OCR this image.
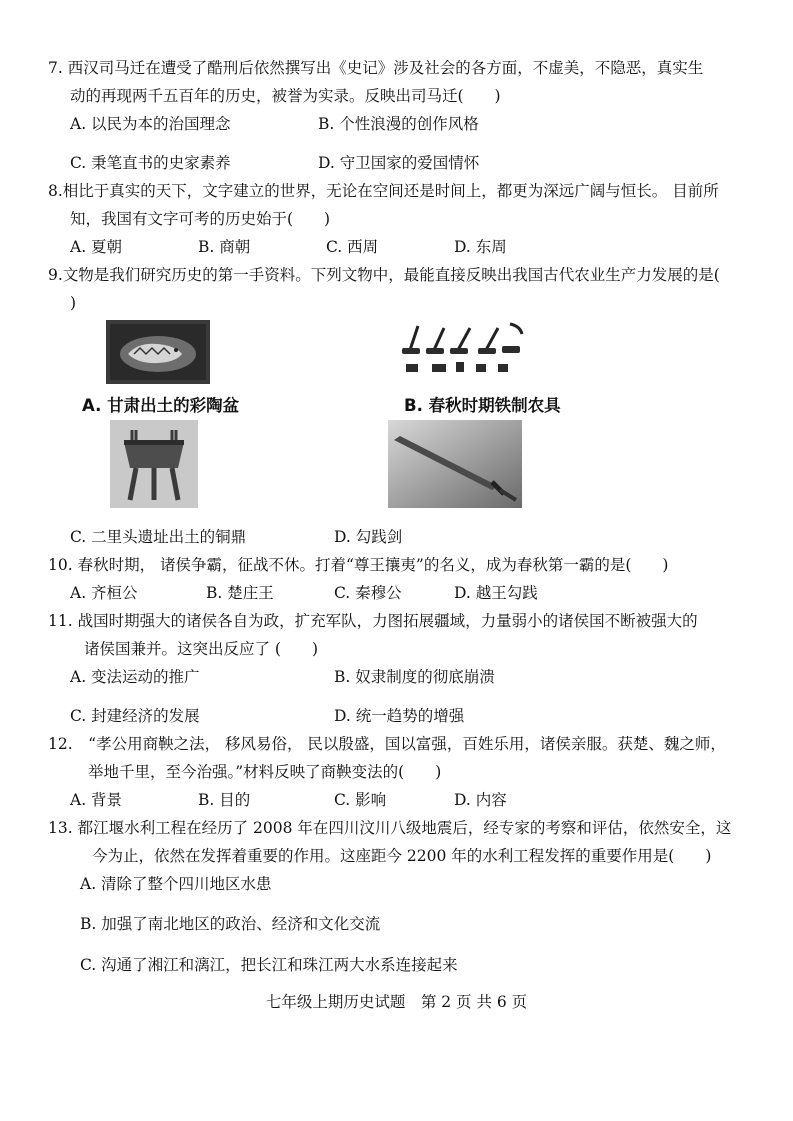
7. 西汉司马迁在遭受了酷刑后依然撰写出《史记》涉及社会的各方面，不虚美，不隐恶，真实生
动的再现两千五百年的历史，被誉为实录。反映出司马迁(　　)
A. 以民为本的治国理念	B. 个性浪漫的创作风格
C. 秉笔直书的史家素养	D. 守卫国家的爱国情怀
8.相比于真实的天下，文字建立的世界，无论在空间还是时间上，都更为深远广阔与恒长。 目前所
知，我国有文字可考的历史始于(　　)
A. 夏朝	B. 商朝	C. 西周	D. 东周
9.文物是我们研究历史的第一手资料。下列文物中，最能直接反映出我国古代农业生产力发展的是(
)
A. 甘肃出土的彩陶盆	B. 春秋时期铁制农具
C. 二里头遗址出土的铜鼎	D. 勾践剑
10. 春秋时期， 诸侯争霸，征战不休。打着“尊王攘夷”的名义，成为春秋第一霸的是(　　)
A. 齐桓公	B. 楚庄王	C. 秦穆公	D. 越王勾践
11. 战国时期强大的诸侯各自为政，扩充军队，力图拓展疆域，力量弱小的诸侯国不断被强大的
诸侯国兼并。这突出反应了 (　　)
A. 变法运动的推广	B. 奴隶制度的彻底崩溃
C. 封建经济的发展	D. 统一趋势的增强
12.　“孝公用商鞅之法， 移风易俗， 民以殷盛，国以富强，百姓乐用，诸侯亲服。获楚、魏之师，
举地千里，至今治强。”材料反映了商鞅变法的(　　)
A. 背景	B. 目的	C. 影响	D. 内容
13. 都江堰水利工程在经历了 2008 年在四川汶川八级地震后，经专家的考察和评估，依然安全，这
今为止，依然在发挥着重要的作用。这座距今 2200 年的水利工程发挥的重要作用是(　　)
A. 清除了整个四川地区水患
B. 加强了南北地区的政治、经济和文化交流
C. 沟通了湘江和漓江，把长江和珠江两大水系连接起来
七年级上期历史试题　第 2 页 共 6 页
